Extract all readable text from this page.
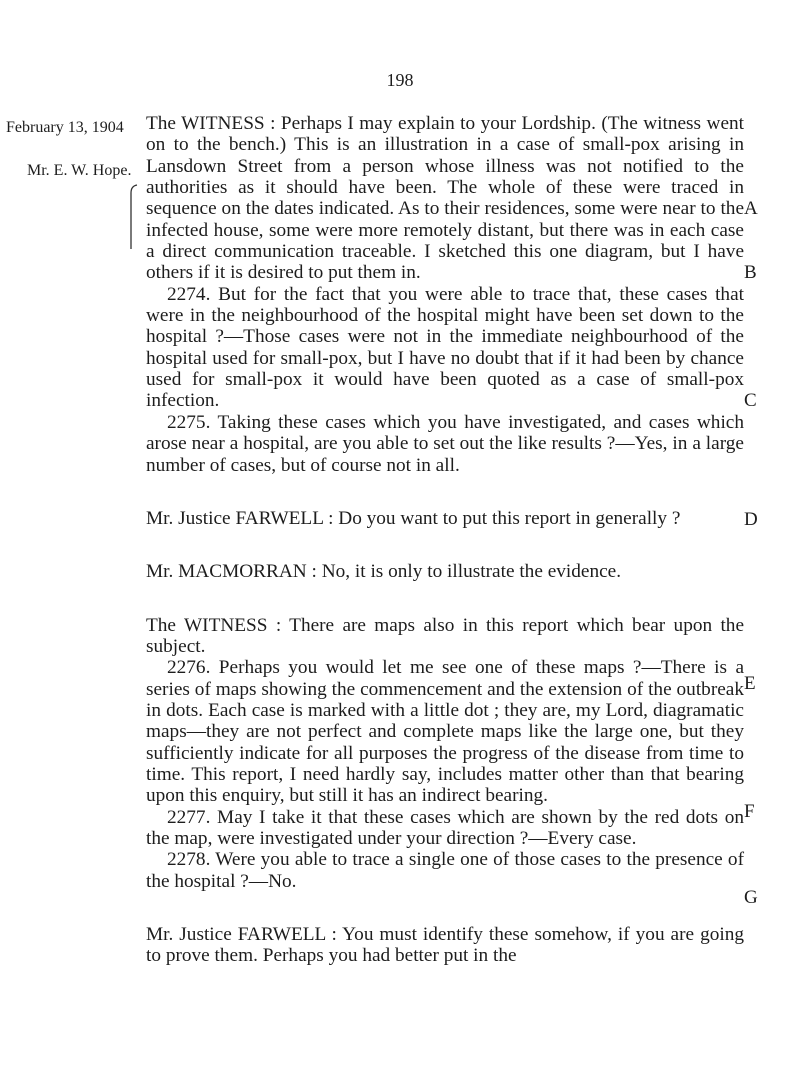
198
February 13, 1904
Mr. E. W. Hope.
A
B
C
D
E
F
G

The WITNESS : Perhaps I may explain to your Lordship. (The witness went on to the bench.) This is an illustration in a case of small-pox arising in Lansdown Street from a person whose illness was not notified to the authorities as it should have been. The whole of these were traced in sequence on the dates indicated. As to their residences, some were near to the infected house, some were more remotely distant, but there was in each case a direct communication traceable. I sketched this one diagram, but I have others if it is desired to put them in.

2274. But for the fact that you were able to trace that, these cases that were in the neighbourhood of the hospital might have been set down to the hospital ?—Those cases were not in the immediate neighbourhood of the hospital used for small-pox, but I have no doubt that if it had been by chance used for small-pox it would have been quoted as a case of small-pox infection.

2275. Taking these cases which you have investigated, and cases which arose near a hospital, are you able to set out the like results ?—Yes, in a large number of cases, but of course not in all.

Mr. Justice FARWELL : Do you want to put this report in generally ?

Mr. MACMORRAN : No, it is only to illustrate the evidence.

The WITNESS : There are maps also in this report which bear upon the subject.

2276. Perhaps you would let me see one of these maps ?—There is a series of maps showing the commencement and the extension of the outbreak in dots. Each case is marked with a little dot ; they are, my Lord, diagramatic maps—they are not perfect and complete maps like the large one, but they sufficiently indicate for all purposes the progress of the disease from time to time. This report, I need hardly say, includes matter other than that bearing upon this enquiry, but still it has an indirect bearing.

2277. May I take it that these cases which are shown by the red dots on the map, were investigated under your direction ?—Every case.

2278. Were you able to trace a single one of those cases to the presence of the hospital ?—No.

Mr. Justice FARWELL : You must identify these somehow, if you are going to prove them. Perhaps you had better put in the
